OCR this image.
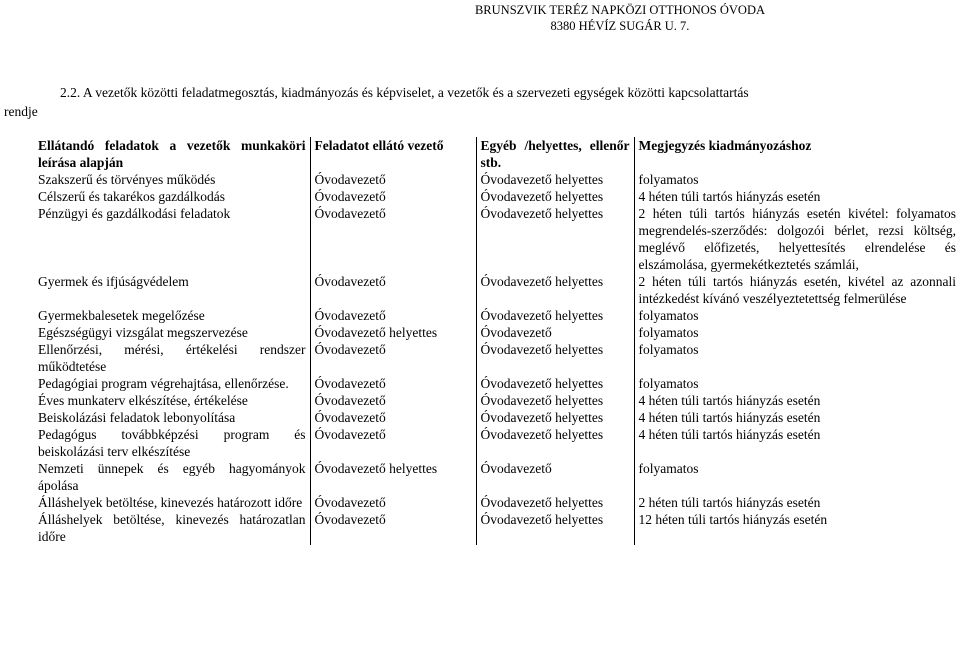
BRUNSZVIK TERÉZ NAPKÖZI OTTHONOS ÓVODA
8380 HÉVÍZ SUGÁR U. 7.
2.2. A vezetők közötti feladatmegosztás, kiadmányozás és képviselet, a vezetők és a szervezeti egységek közötti kapcsolattartás
rendje
Ellátandó feladatok a vezetők munkaköri leírása alapján	Feladatot ellátó vezető	Egyéb /helyettes, ellenőr stb.	Megjegyzés kiadmányozáshoz
Szakszerű és törvényes működés	Óvodavezető	Óvodavezető helyettes	folyamatos
Célszerű és takarékos gazdálkodás	Óvodavezető	Óvodavezető helyettes	4 héten túli tartós hiányzás esetén
Pénzügyi és gazdálkodási feladatok	Óvodavezető	Óvodavezető helyettes	2 héten túli tartós hiányzás esetén kivétel: folyamatos megrendelés-szerződés: dolgozói bérlet, rezsi költség, meglévő előfizetés, helyettesítés elrendelése és elszámolása, gyermekétkeztetés számlái,
Gyermek és ifjúságvédelem	Óvodavezető	Óvodavezető helyettes	2 héten túli tartós hiányzás esetén, kivétel az azonnali intézkedést kívánó veszélyeztetettség felmerülése
Gyermekbalesetek megelőzése	Óvodavezető	Óvodavezető helyettes	folyamatos
Egészségügyi vizsgálat megszervezése	Óvodavezető helyettes	Óvodavezető	folyamatos
Ellenőrzési, mérési, értékelési rendszer működtetése	Óvodavezető	Óvodavezető helyettes	folyamatos
Pedagógiai program végrehajtása, ellenőrzése.	Óvodavezető	Óvodavezető helyettes	folyamatos
Éves munkaterv elkészítése, értékelése	Óvodavezető	Óvodavezető helyettes	4 héten túli tartós hiányzás esetén
Beiskolázási feladatok lebonyolítása	Óvodavezető	Óvodavezető helyettes	4 héten túli tartós hiányzás esetén
Pedagógus továbbképzési program és beiskolázási terv elkészítése	Óvodavezető	Óvodavezető helyettes	4 héten túli tartós hiányzás esetén
Nemzeti ünnepek és egyéb hagyományok ápolása	Óvodavezető helyettes	Óvodavezető	folyamatos
Álláshelyek betöltése, kinevezés határozott időre	Óvodavezető	Óvodavezető helyettes	2 héten túli tartós hiányzás esetén
Álláshelyek betöltése, kinevezés határozatlan időre	Óvodavezető	Óvodavezető helyettes	12 héten túli tartós hiányzás esetén
